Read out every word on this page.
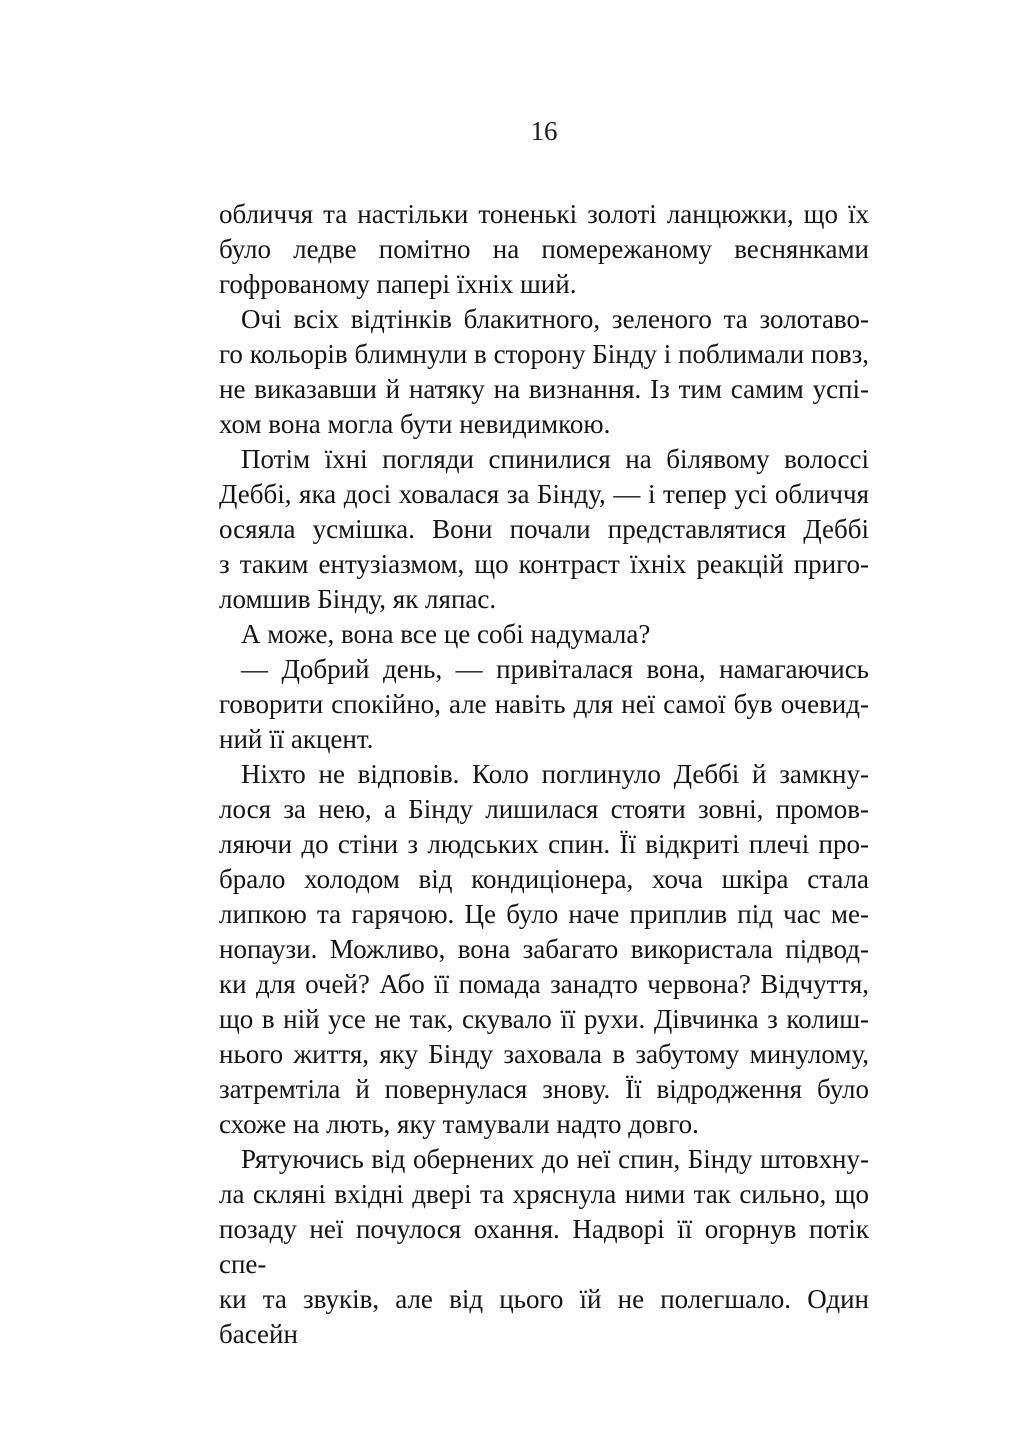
16

обличчя та настільки тоненькі золоті ланцюжки, що їх
було ледве помітно на помережаному веснянками
гофрованому папері їхніх ший.

Очі всіх відтінків блакитного, зеленого та золотаво-
го кольорів блимнули в сторону Бінду і поблимали повз,
не виказавши й натяку на визнання. Із тим самим успі-
хом вона могла бути невидимкою.

Потім їхні погляди спинилися на білявому волоссі
Деббі, яка досі ховалася за Бінду, — і тепер усі обличчя
осяяла усмішка. Вони почали представлятися Деббі
з таким ентузіазмом, що контраст їхніх реакцій приго-
ломшив Бінду, як ляпас.

А може, вона все це собі надумала?

— Добрий день, — привіталася вона, намагаючись
говорити спокійно, але навіть для неї самої був очевид-
ний її акцент.

Ніхто не відповів. Коло поглинуло Деббі й замкну-
лося за нею, а Бінду лишилася стояти зовні, промов-
ляючи до стіни з людських спин. Її відкриті плечі про-
брало холодом від кондиціонера, хоча шкіра стала
липкою та гарячою. Це було наче приплив під час ме-
нопаузи. Можливо, вона забагато використала підвод-
ки для очей? Або її помада занадто червона? Відчуття,
що в ній усе не так, скувало її рухи. Дівчинка з колиш-
нього життя, яку Бінду заховала в забутому минулому,
затремтіла й повернулася знову. Її відродження було
схоже на лють, яку тамували надто довго.

Рятуючись від обернених до неї спин, Бінду штовхну-
ла скляні вхідні двері та хряснула ними так сильно, що
позаду неї почулося охання. Надворі її огорнув потік спе-
ки та звуків, але від цього їй не полегшало. Один басейн
